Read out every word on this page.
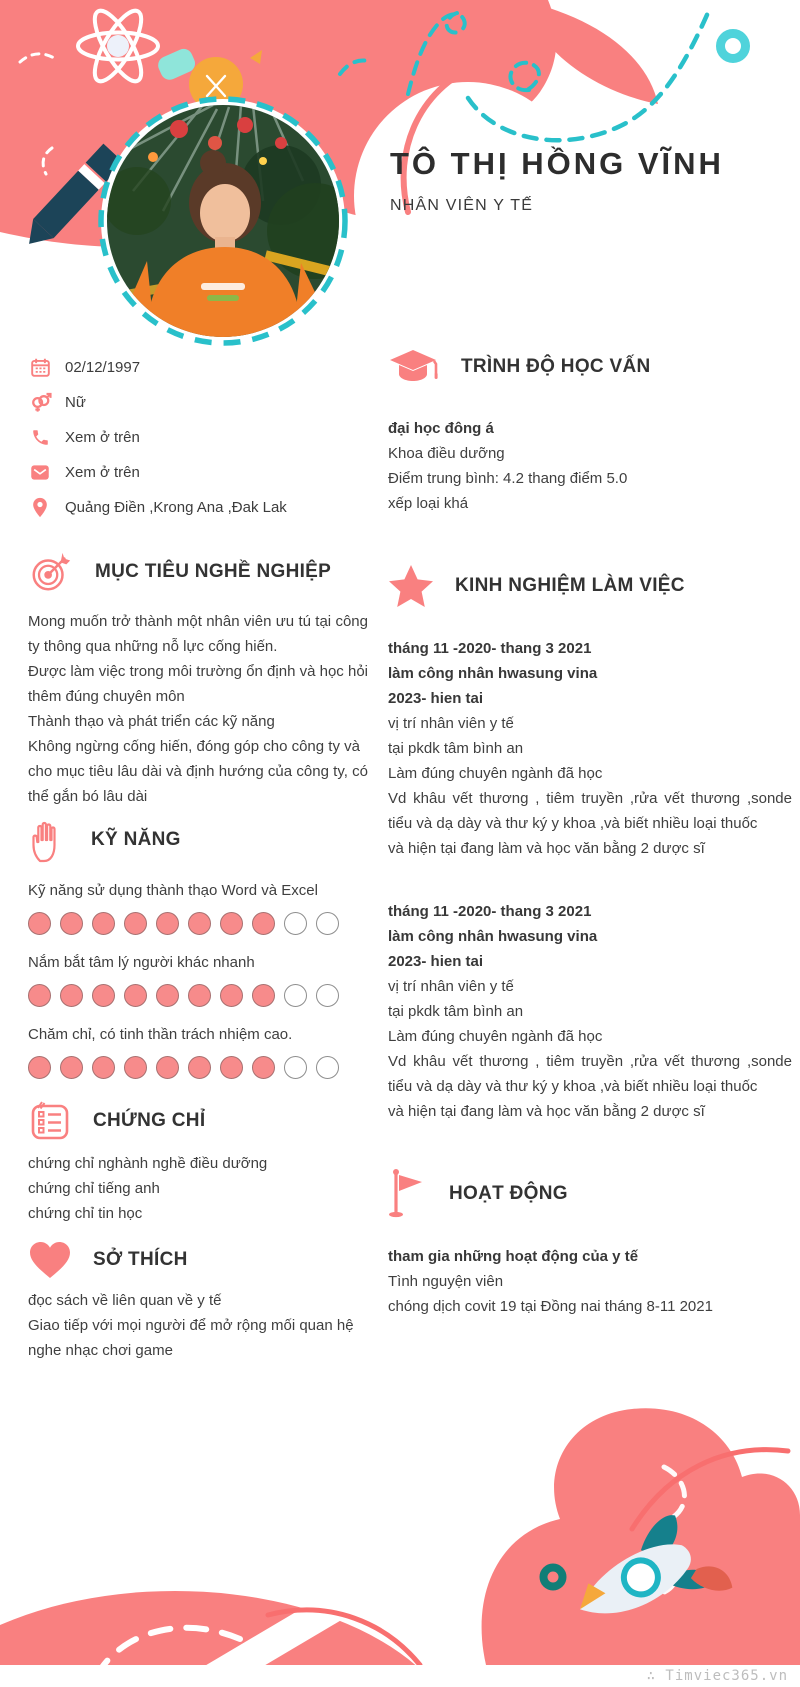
TÔ THỊ HỒNG VĨNH
NHÂN VIÊN Y TẾ
02/12/1997
Nữ
Xem ở trên
Xem ở trên
Quảng Điền ,Krong Ana ,Đak Lak
MỤC TIÊU NGHỀ NGHIỆP

Mong muốn trở thành một nhân viên ưu tú tại công ty thông qua những nỗ lực cống hiến.

Được làm việc trong môi trường ổn định và học hỏi thêm đúng chuyên môn

Thành thạo và phát triển các kỹ năng

Không ngừng cống hiến, đóng góp cho công ty và

cho mục tiêu lâu dài và định hướng của công ty, có thể gắn bó lâu dài

KỸ NĂNG
Kỹ năng sử dụng thành thạo Word và Excel
Nắm bắt tâm lý người khác nhanh
Chăm chỉ, có tinh thần trách nhiệm cao.
CHỨNG CHỈ
chứng chỉ nghành nghề điều dưỡng
chứng chỉ tiếng anh
chứng chỉ tin học
SỞ THÍCH
đọc sách về liên quan về y tế
Giao tiếp với mọi người để mở rộng mối quan hệ
nghe nhạc chơi game
TRÌNH ĐỘ HỌC VẤN
đại học đông á
Khoa điều dưỡng
Điểm trung bình: 4.2 thang điểm 5.0
xếp loại khá
KINH NGHIỆM LÀM VIỆC
tháng 11 -2020- thang 3 2021
làm công nhân hwasung vina
2023- hien tai
vị trí nhân viên y tế
tại pkdk tâm bình an
Làm đúng chuyên ngành đã học

Vd khâu vết thương , tiêm truyền ,rửa vết thương ,sonde tiểu và dạ dày và thư ký y khoa ,và biết nhiều loại thuốc

và hiện tại đang làm và học văn bằng 2 dược sĩ
tháng 11 -2020- thang 3 2021
làm công nhân hwasung vina
2023- hien tai
vị trí nhân viên y tế
tại pkdk tâm bình an
Làm đúng chuyên ngành đã học

Vd khâu vết thương , tiêm truyền ,rửa vết thương ,sonde tiểu và dạ dày và thư ký y khoa ,và biết nhiều loại thuốc

và hiện tại đang làm và học văn bằng 2 dược sĩ
HOẠT ĐỘNG
tham gia những hoạt động của y tế
Tình nguyện viên
chóng dịch covit 19 tại Đồng nai tháng 8-11 2021
∴ Timviec365.vn
